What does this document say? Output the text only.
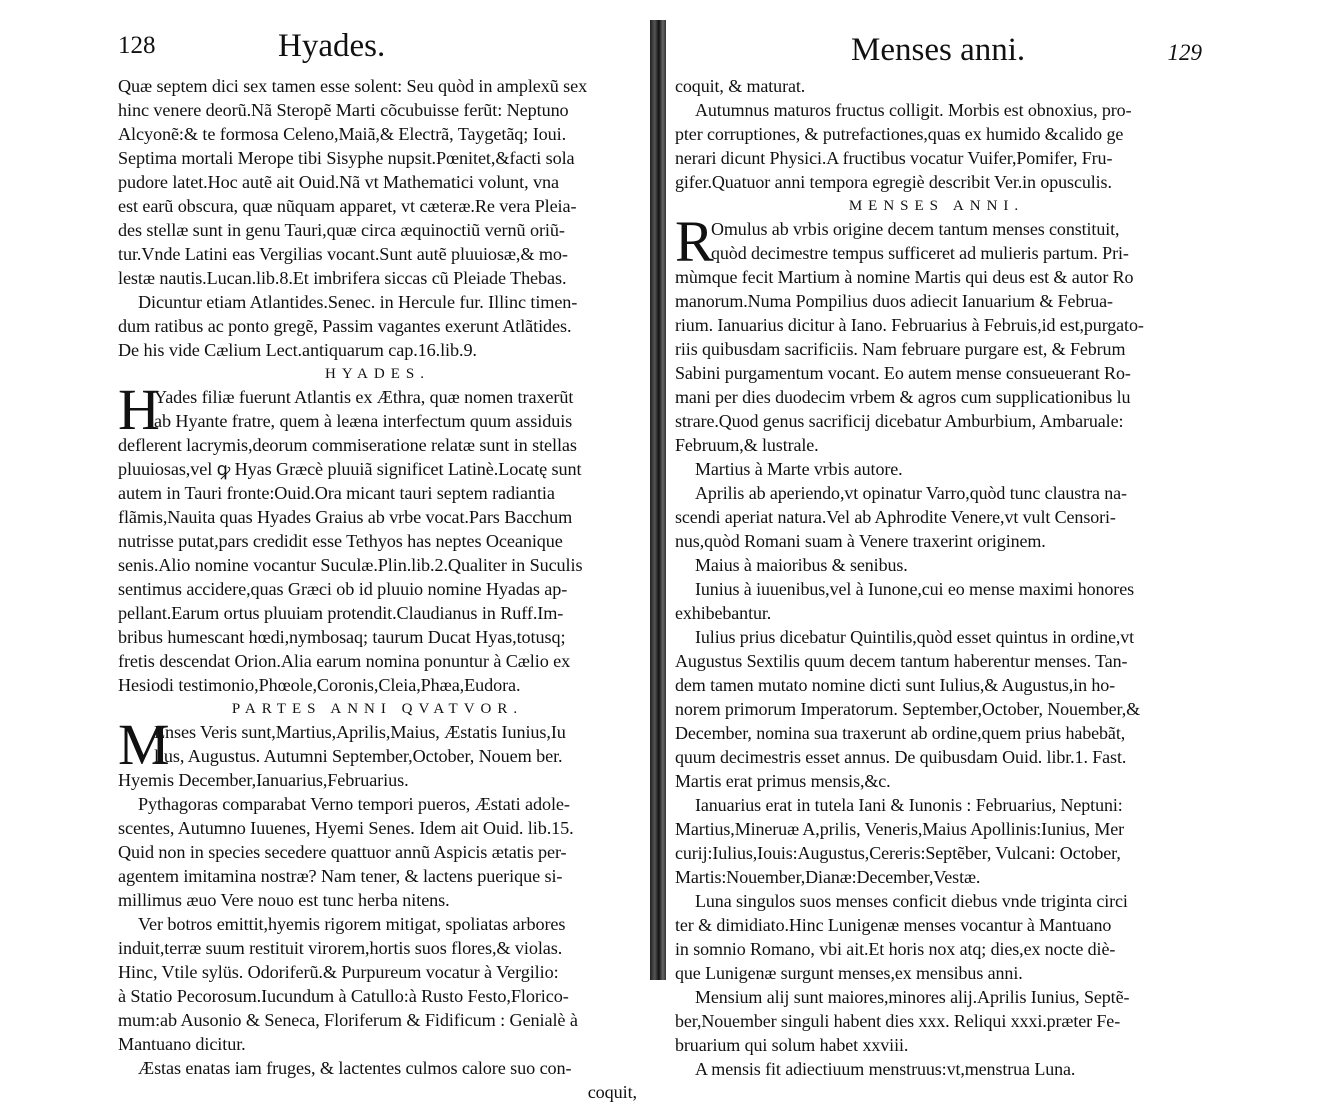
128	Hyades.
Quæ septem dici sex tamen esse solent: Seu quòd in amplexũ sex
hinc venere deorũ.Nã Steropẽ Marti cõcubuisse ferũt: Neptuno
Alcyonẽ:& te formosa Celeno,Maiã,& Electrã, Taygetãq; Ioui.
Septima mortali Merope tibi Sisyphe nupsit.Pœnitet,&facti sola
pudore latet.Hoc autẽ ait Ouid.Nã vt Mathematici volunt, vna
est earũ obscura, quæ nũquam apparet, vt cæteræ.Re vera Pleia-
des stellæ sunt in genu Tauri,quæ circa æquinoctiũ vernũ oriũ-
tur.Vnde Latini eas Vergilias vocant.Sunt autẽ pluuiosæ,& mo-
lestæ nautis.Lucan.lib.8.Et imbrifera siccas cũ Pleiade Thebas.
Dicuntur etiam Atlantides.Senec. in Hercule fur. Illinc timen-
dum ratibus ac ponto gregẽ, Passim vagantes exerunt Atlãtides.
De his vide Cælium Lect.antiquarum cap.16.lib.9.
HYADES.
H
Yades filiæ fuerunt Atlantis ex Æthra, quæ nomen traxerũt
ab Hyante fratre, quem à leæna interfectum quum assiduis
deflerent lacrymis,deorum commiseratione relatæ sunt in stellas
pluuiosas,vel ꝙ Hyas Græcè pluuiã significet Latinè.Locatę sunt
autem in Tauri fronte:Ouid.Ora micant tauri septem radiantia
flãmis,Nauita quas Hyades Graius ab vrbe vocat.Pars Bacchum
nutrisse putat,pars credidit esse Tethyos has neptes Oceanique
senis.Alio nomine vocantur Suculæ.Plin.lib.2.Qualiter in Suculis
sentimus accidere,quas Græci ob id pluuio nomine Hyadas ap-
pellant.Earum ortus pluuiam protendit.Claudianus in Ruff.Im-
bribus humescant hœdi,nymbosaq; taurum Ducat Hyas,totusq;
fretis descendat Orion.Alia earum nomina ponuntur à Cælio ex
Hesiodi testimonio,Phœole,Coronis,Cleia,Phæa,Eudora.
PARTES ANNI QVATVOR.
M
Enses Veris sunt,Martius,Aprilis,Maius, Æstatis Iunius,Iu
lius, Augustus. Autumni September,October, Nouem ber.
Hyemis December,Ianuarius,Februarius.
Pythagoras comparabat Verno tempori pueros, Æstati adole-
scentes, Autumno Iuuenes, Hyemi Senes. Idem ait Ouid. lib.15.
Quid non in species secedere quattuor annũ Aspicis ætatis per-
agentem imitamina nostræ? Nam tener, & lactens puerique si-
millimus æuo Vere nouo est tunc herba nitens.
Ver botros emittit,hyemis rigorem mitigat, spoliatas arbores
induit,terræ suum restituit virorem,hortis suos flores,& violas.
Hinc, Vtile sylüs. Odoriferũ.& Purpureum vocatur à Vergilio:
à Statio Pecorosum.Iucundum à Catullo:à Rusto Festo,Florico-
mum:ab Ausonio & Seneca, Floriferum & Fidificum : Genialè à
Mantuano dicitur.
Æstas enatas iam fruges, & lactentes culmos calore suo con-
coquit,
Menses anni.	129
coquit, & maturat.
Autumnus maturos fructus colligit. Morbis est obnoxius, pro-
pter corruptiones, & putrefactiones,quas ex humido &calido ge
nerari dicunt Physici.A fructibus vocatur Vuifer,Pomifer, Fru-
gifer.Quatuor anni tempora egregiè describit Ver.in opusculis.
MENSES ANNI.
R
Omulus ab vrbis origine decem tantum menses constituit,
quòd decimestre tempus sufficeret ad mulieris partum. Pri-
mùmque fecit Martium à nomine Martis qui deus est & autor Ro
manorum.Numa Pompilius duos adiecit Ianuarium & Februa-
rium. Ianuarius dicitur à Iano. Februarius à Februis,id est,purgato-
riis quibusdam sacrificiis. Nam februare purgare est, & Februm
Sabini purgamentum vocant. Eo autem mense consueuerant Ro-
mani per dies duodecim vrbem & agros cum supplicationibus lu
strare.Quod genus sacrificij dicebatur Amburbium, Ambaruale:
Februum,& lustrale.
Martius à Marte vrbis autore.
Aprilis ab aperiendo,vt opinatur Varro,quòd tunc claustra na-
scendi aperiat natura.Vel ab Aphrodite Venere,vt vult Censori-
nus,quòd Romani suam à Venere traxerint originem.
Maius à maioribus & senibus.
Iunius à iuuenibus,vel à Iunone,cui eo mense maximi honores
exhibebantur.
Iulius prius dicebatur Quintilis,quòd esset quintus in ordine,vt
Augustus Sextilis quum decem tantum haberentur menses. Tan-
dem tamen mutato nomine dicti sunt Iulius,& Augustus,in ho-
norem primorum Imperatorum. September,October, Nouember,&
December, nomina sua traxerunt ab ordine,quem prius habebãt,
quum decimestris esset annus. De quibusdam Ouid. libr.1. Fast.
Martis erat primus mensis,&c.
Ianuarius erat in tutela Iani & Iunonis : Februarius, Neptuni:
Martius,Mineruæ A,prilis, Veneris,Maius Apollinis:Iunius, Mer
curij:Iulius,Iouis:Augustus,Cereris:Septẽber, Vulcani: October,
Martis:Nouember,Dianæ:December,Vestæ.
Luna singulos suos menses conficit diebus vnde triginta circi
ter & dimidiato.Hinc Lunigenæ menses vocantur à Mantuano
in somnio Romano, vbi ait.Et horis nox atq; dies,ex nocte diè-
que Lunigenæ surgunt menses,ex mensibus anni.
Mensium alij sunt maiores,minores alij.Aprilis Iunius, Septẽ-
ber,Nouember singuli habent dies xxx. Reliqui xxxi.præter Fe-
bruarium qui solum habet xxviii.
A mensis fit adiectiuum menstruus:vt,menstrua Luna.
